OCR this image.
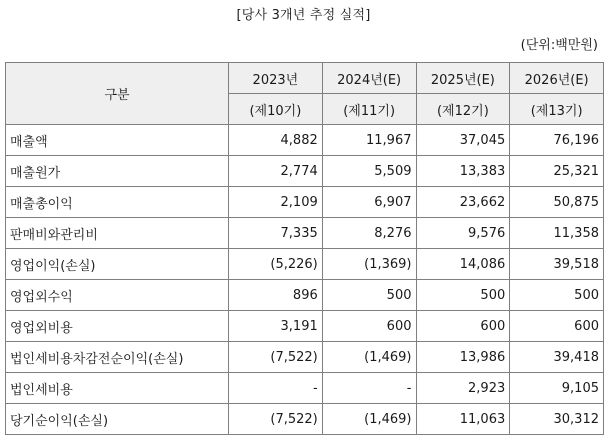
[당사 3개년 추정 실적]
(단위:백만원)
구분	2023년	2024년(E)	2025년(E)	2026년(E)
	(제10기)	(제11기)	(제12기)	(제13기)
매출액	4,882	11,967	37,045	76,196
매출원가	2,774	5,509	13,383	25,321
매출총이익	2,109	6,907	23,662	50,875
판매비와관리비	7,335	8,276	9,576	11,358
영업이익(손실)	(5,226)	(1,369)	14,086	39,518
영업외수익	896	500	500	500
영업외비용	3,191	600	600	600
법인세비용차감전순이익(손실)	(7,522)	(1,469)	13,986	39,418
법인세비용	-	-	2,923	9,105
당기순이익(손실)	(7,522)	(1,469)	11,063	30,312
